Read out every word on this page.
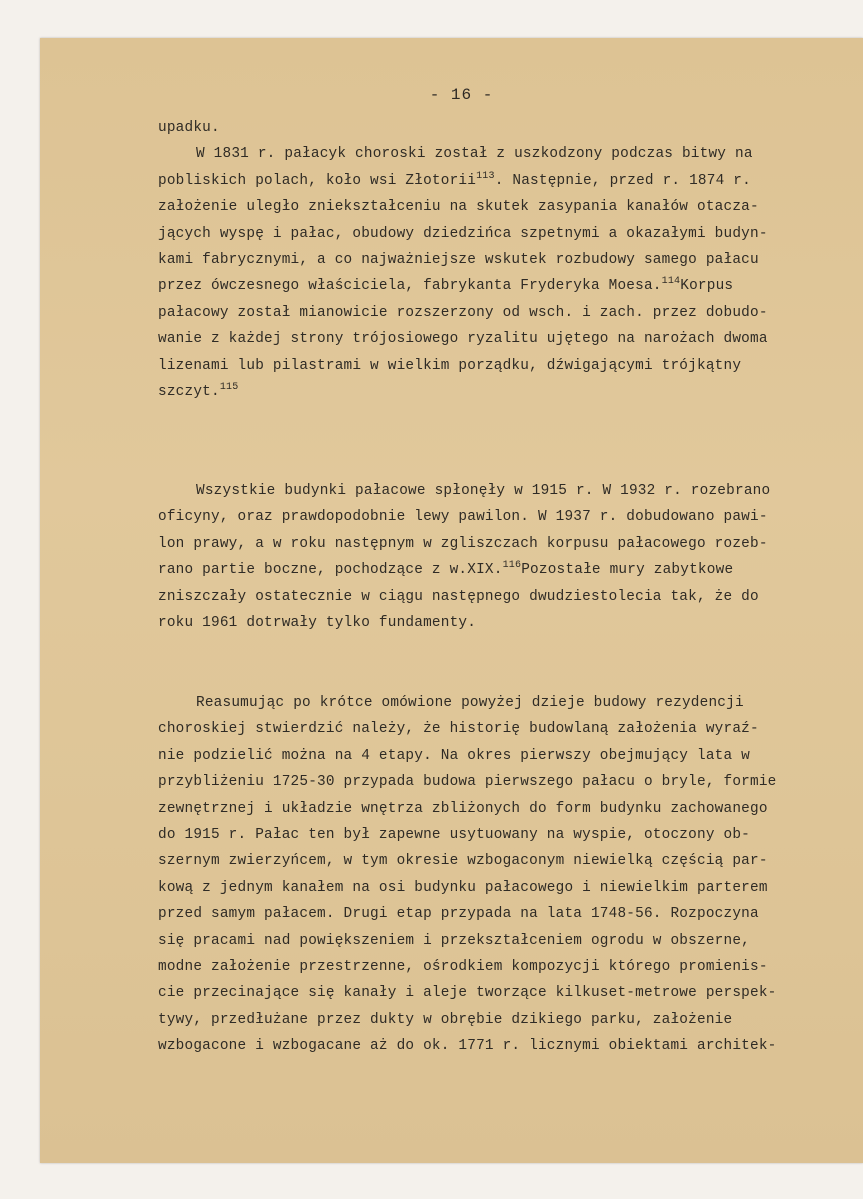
- 16 -
upadku.
W 1831 r. pałacyk choroski został z uszkodzony podczas bitwy na
pobliskich polach, koło wsi Złotorii$^{113}$. Następnie, przed r. 1874 r.
założenie uległo zniekształceniu na skutek zasypania kanałów otacza-
jących wyspę i pałac, obudowy dziedzińca szpetnymi a okazałymi budyn-
kami fabrycznymi, a co najważniejsze wskutek rozbudowy samego pałacu
przez ówczesnego właściciela, fabrykanta Fryderyka Moesa.$^{114}$Korpus
pałacowy został mianowicie rozszerzony od wsch. i zach. przez dobudo-
wanie z każdej strony trójosiowego ryzalitu ujętego na narożach dwoma
lizenami lub pilastrami w wielkim porządku, dźwigającymi trójkątny
szczyt.$^{115}$
Wszystkie budynki pałacowe spłonęły w 1915 r. W 1932 r. rozebrano
oficyny, oraz prawdopodobnie lewy pawilon. W 1937 r. dobudowano pawi-
lon prawy, a w roku następnym w zgliszczach korpusu pałacowego rozeb-
rano partie boczne, pochodzące z w.XIX.$^{116}$Pozostałe mury zabytkowe
zniszczały ostatecznie w ciągu następnego dwudziestolecia tak, że do
roku 1961 dotrwały tylko fundamenty.
Reasumując po krótce omówione powyżej dzieje budowy rezydencji
choroskiej stwierdzić należy, że historię budowlaną założenia wyraź-
nie podzielić można na 4 etapy. Na okres pierwszy obejmujący lata w
przybliżeniu 1725-30 przypada budowa pierwszego pałacu o bryle, formie
zewnętrznej i układzie wnętrza zbliżonych do form budynku zachowanego
do 1915 r. Pałac ten był zapewne usytuowany na wyspie, otoczony ob-
szernym zwierzyńcem, w tym okresie wzbogaconym niewielką częścią par-
kową z jednym kanałem na osi budynku pałacowego i niewielkim parterem
przed samym pałacem. Drugi etap przypada na lata 1748-56. Rozpoczyna
się pracami nad powiększeniem i przekształceniem ogrodu w obszerne,
modne założenie przestrzenne, ośrodkiem kompozycji którego promienis-
cie przecinające się kanały i aleje tworzące kilkuset-metrowe perspek-
tywy, przedłużane przez dukty w obrębie dzikiego parku, założenie
wzbogacone i wzbogacane aż do ok. 1771 r. licznymi obiektami architek-
